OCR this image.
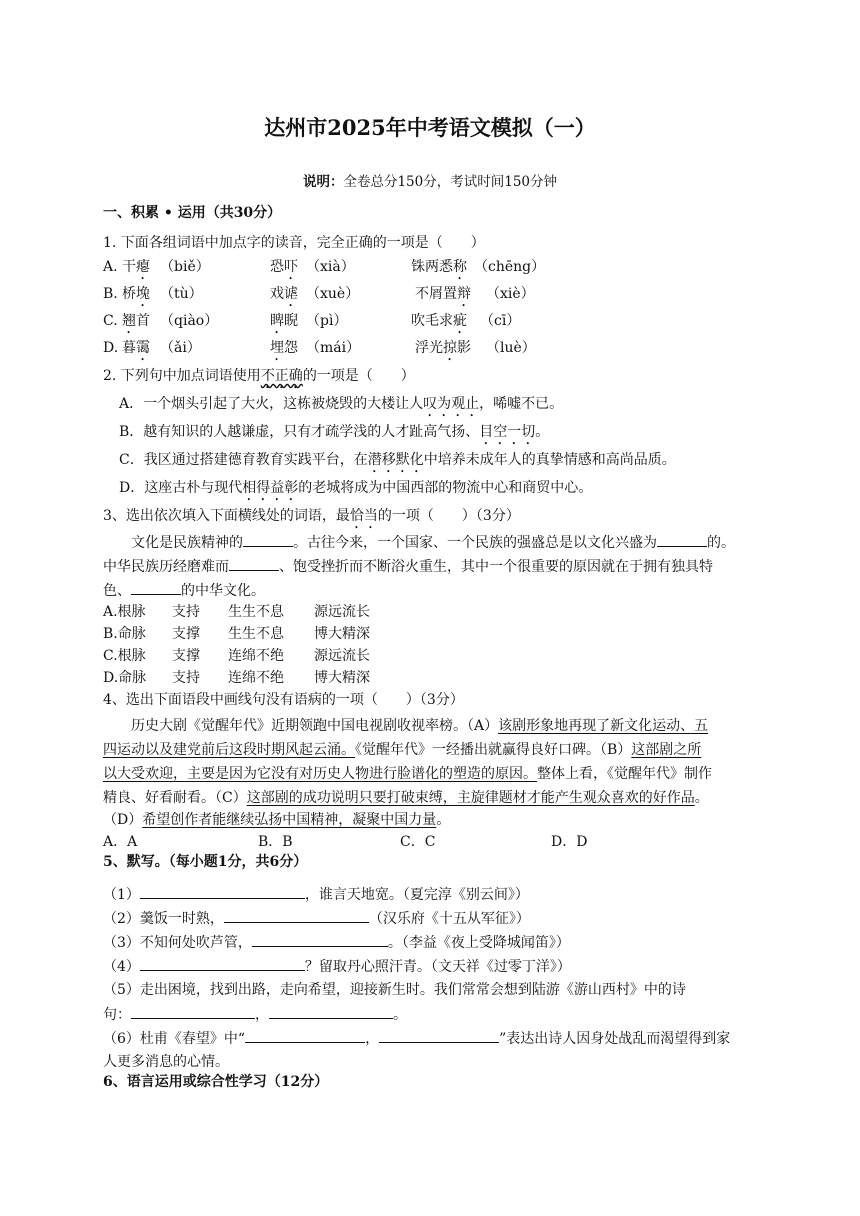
达州市2025年中考语文模拟（一）
说明：全卷总分150分，考试时间150分钟
一、积累 • 运用（共30分）
1. 下面各组词语中加点字的读音，完全正确的一项是（　　）
A. 干瘪 （biě）	恐吓 （xià）	铢两悉称 （chēng）
B. 桥堍 （tù）	戏谑 （xuè）	不屑置辩 （xiè）
C. 翘首 （qiào）	睥睨 （pì）	吹毛求疵 （cī）
D. 暮霭 （ǎi）	埋怨 （mái）	浮光掠影 （luè）
2. 下列句中加点词语使用不正确的一项是（　　）
A．一个烟头引起了大火，这栋被烧毁的大楼让人叹为观止，唏嘘不已。
B．越有知识的人越谦虚，只有才疏学浅的人才趾高气扬、目空一切。
C．我区通过搭建德育教育实践平台，在潜移默化中培养未成年人的真挚情感和高尚品质。
D．这座古朴与现代相得益彰的老城将成为中国西部的物流中心和商贸中心。
3、选出依次填入下面横线处的词语，最恰当的一项（　　）（3分）
文化是民族精神的	。古往今来，一个国家、一个民族的强盛总是以文化兴盛为	的。
中华民族历经磨难而	、饱受挫折而不断浴火重生，其中一个很重要的原因就在于拥有独具特
色、	的中华文化。
A.根脉 支持 生生不息 源远流长
B.命脉 支撑 生生不息 博大精深
C.根脉 支撑 连绵不绝 源远流长
D.命脉 支持 连绵不绝 博大精深
4、选出下面语段中画线句没有语病的一项（　　）（3分）
历史大剧《觉醒年代》近期领跑中国电视剧收视率榜。（A）该剧形象地再现了新文化运动、五
四运动以及建党前后这段时期风起云涌。《觉醒年代》一经播出就赢得良好口碑。（B）这部剧之所
以大受欢迎，主要是因为它没有对历史人物进行脸谱化的塑造的原因。整体上看，《觉醒年代》制作
精良、好看耐看。（C）这部剧的成功说明只要打破束缚，主旋律题材才能产生观众喜欢的好作品。
（D）希望创作者能继续弘扬中国精神，凝聚中国力量。
A．A	B．B	C．C	D．D
5、默写。（每小题1分，共6分）
（1）	，谁言天地宽。（夏完淳《别云间》）
（2）羹饭一时熟，	（汉乐府《十五从军征》）
（3）不知何处吹芦管，	。（李益《夜上受降城闻笛》）
（4）	？留取丹心照汗青。（文天祥《过零丁洋》）
（5）走出困境，找到出路，走向希望，迎接新生时。我们常常会想到陆游《游山西村》中的诗
句：	，	。
（6）杜甫《春望》中“	，	”表达出诗人因身处战乱而渴望得到家
人更多消息的心情。
6、语言运用或综合性学习（12分）
